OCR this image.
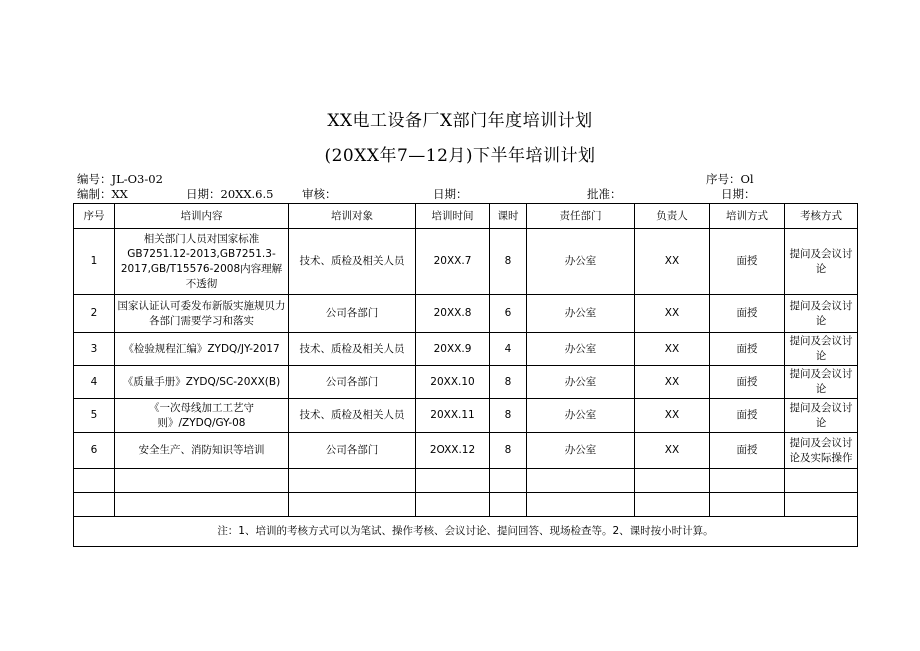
XX电工设备厂X部门年度培训计划
(20XX年7—12月)下半年培训计划
编号：JL-O3-02	序号：Ol
编制：XX	日期：20XX.6.5 审核：	日期：	批准：	日期：
序号	培训内容	培训对象	培训时间	课时	责任部门	负责人	培训方式	考核方式
1	相关部门人员对国家标准GB7251.12-2013,GB7251.3-2017,GB/T15576-2008内容理解不透彻	技术、质检及相关人员	20XX.7	8	办公室	XX	面授	提问及会议讨论
2	国家认证认可委发布新版实施规贝力各部门需要学习和落实	公司各部门	20XX.8	6	办公室	XX	面授	提问及会议讨论
3	《检验规程汇编》ZYDQ/JY-2017	技术、质检及相关人员	20XX.9	4	办公室	XX	面授	提问及会议讨论
4	《质量手册》ZYDQ/SC-20XX(B)	公司各部门	20XX.10	8	办公室	XX	面授	提问及会议讨论
5	《一次母线加工工艺守则》/ZYDQ/GY-08	技术、质检及相关人员	20XX.11	8	办公室	XX	面授	提问及会议讨论
6	安全生产、消防知识等培训	公司各部门	2OXX.12	8	办公室	XX	面授	提问及会议讨论及实际操作

注：1、培训的考核方式可以为笔试、操作考核、会议讨论、提问回答、现场检查等。2、课时按小时计算。								
